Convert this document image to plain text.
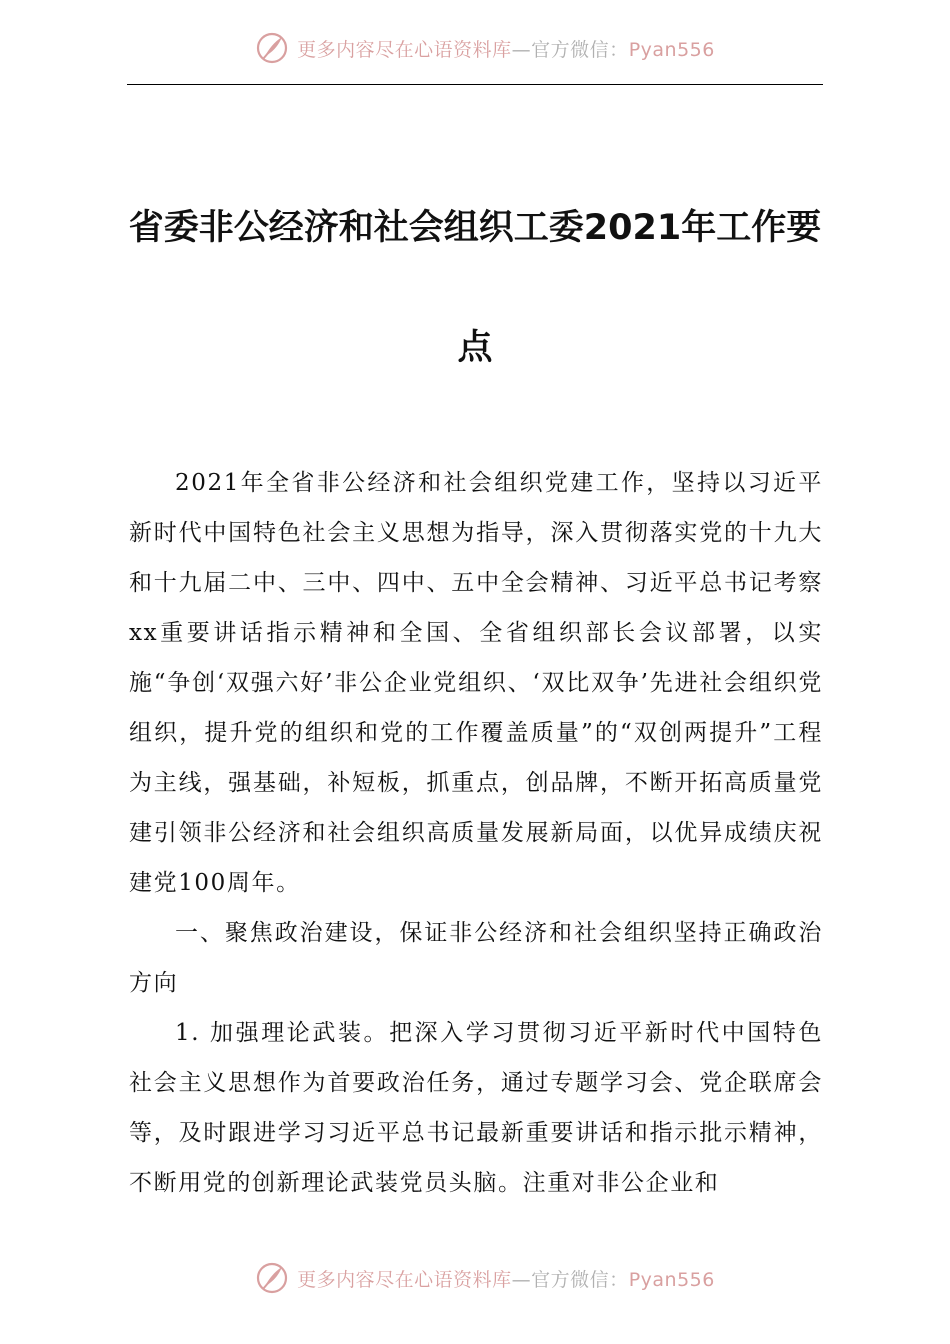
更多内容尽在心语资料库—官方微信：Pyan556
省委非公经济和社会组织工委2021年工作要点

2021年全省非公经济和社会组织党建工作，坚持以习近平新时代中国特色社会主义思想为指导，深入贯彻落实党的十九大和十九届二中、三中、四中、五中全会精神、习近平总书记考察xx重要讲话指示精神和全国、全省组织部长会议部署，以实施“争创‘双强六好’非公企业党组织、‘双比双争’先进社会组织党组织，提升党的组织和党的工作覆盖质量”的“双创两提升”工程为主线，强基础，补短板，抓重点，创品牌，不断开拓高质量党建引领非公经济和社会组织高质量发展新局面，以优异成绩庆祝建党100周年。

一、聚焦政治建设，保证非公经济和社会组织坚持正确政治方向

1. 加强理论武装。把深入学习贯彻习近平新时代中国特色社会主义思想作为首要政治任务，通过专题学习会、党企联席会等，及时跟进学习习近平总书记最新重要讲话和指示批示精神，不断用党的创新理论武装党员头脑。注重对非公企业和

更多内容尽在心语资料库—官方微信：Pyan556
